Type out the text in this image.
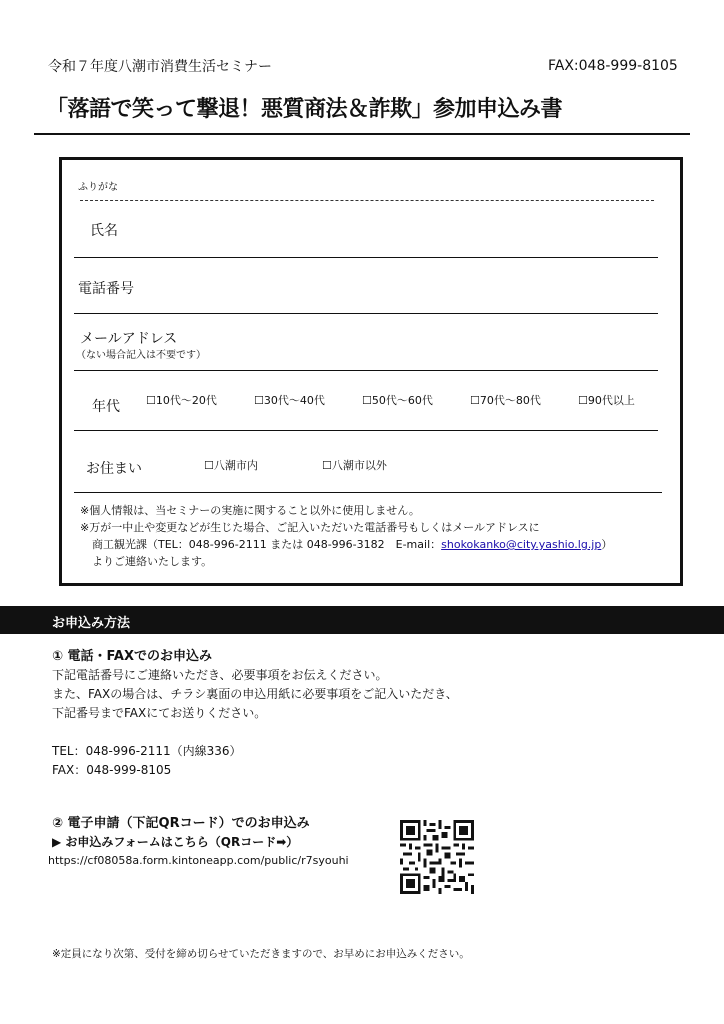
令和７年度八潮市消費生活セミナー	FAX:048-999-8105
「落語で笑って撃退！悪質商法＆詐欺」参加申込み書
ふりがな
氏名
電話番号
メールアドレス
（ない場合記入は不要です）
年代 ☐10代～20代	☐30代～40代	☐50代～60代	☐70代～80代	☐90代以上
お住まい	☐八潮市内	☐八潮市以外
※個人情報は、当セミナーの実施に関すること以外に使用しません。
※万が一中止や変更などが生じた場合、ご記入いただいた電話番号もしくはメールアドレスに
商工観光課（TEL：048-996-2111 または 048-996-3182　E-mail：shokokanko@city.yashio.lg.jp）
よりご連絡いたします。
お申込み方法
① 電話・FAXでのお申込み
下記電話番号にご連絡いただき、必要事項をお伝えください。
また、FAXの場合は、チラシ裏面の申込用紙に必要事項をご記入いただき、
下記番号までFAXにてお送りください。
TEL：048-996-2111（内線336）
FAX：048-999-8105
② 電子申請（下記QRコード）でのお申込み
▶ お申込みフォームはこちら（QRコード➡）
https://cf08058a.form.kintoneapp.com/public/r7syouhi
※定員になり次第、受付を締め切らせていただきますので、お早めにお申込みください。
